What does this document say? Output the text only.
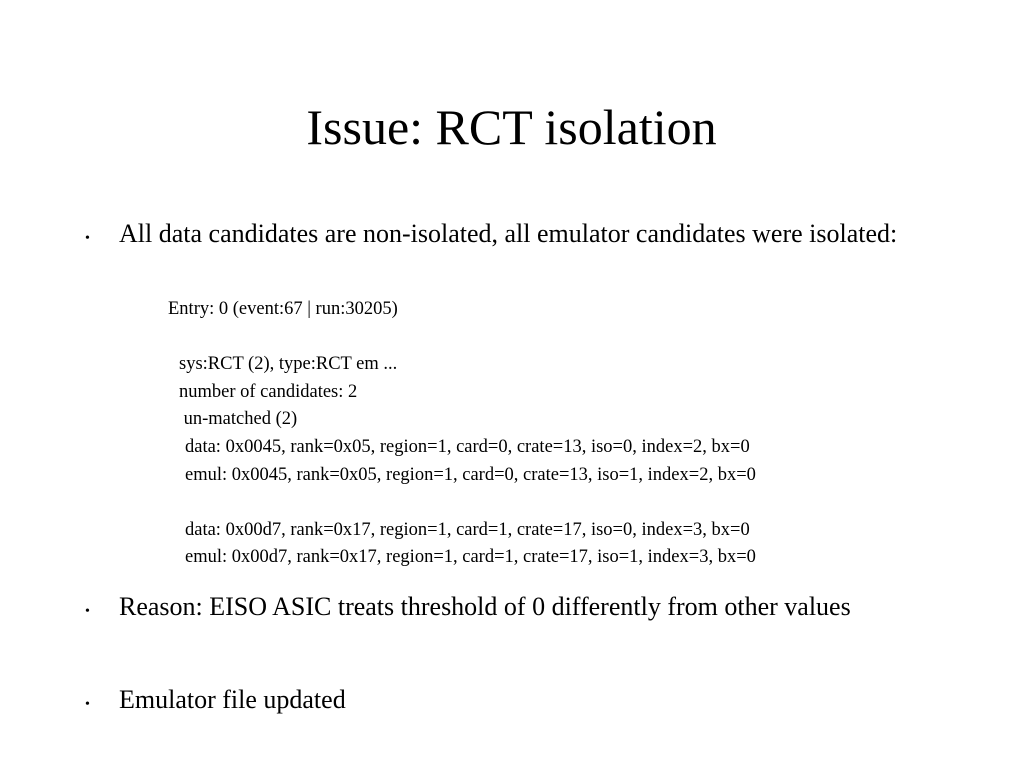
Issue: RCT isolation
• All data candidates are non-isolated, all emulator candidates were isolated:

Entry: 0 (event:67 | run:30205)

sys:RCT (2), type:RCT em ...

number of candidates: 2

un-matched (2)

data: 0x0045, rank=0x05, region=1, card=0, crate=13, iso=0, index=2, bx=0

emul: 0x0045, rank=0x05, region=1, card=0, crate=13, iso=1, index=2, bx=0

data: 0x00d7, rank=0x17, region=1, card=1, crate=17, iso=0, index=3, bx=0

emul: 0x00d7, rank=0x17, region=1, card=1, crate=17, iso=1, index=3, bx=0

• Reason: EISO ASIC treats threshold of 0 differently from other values

• Emulator file updated
